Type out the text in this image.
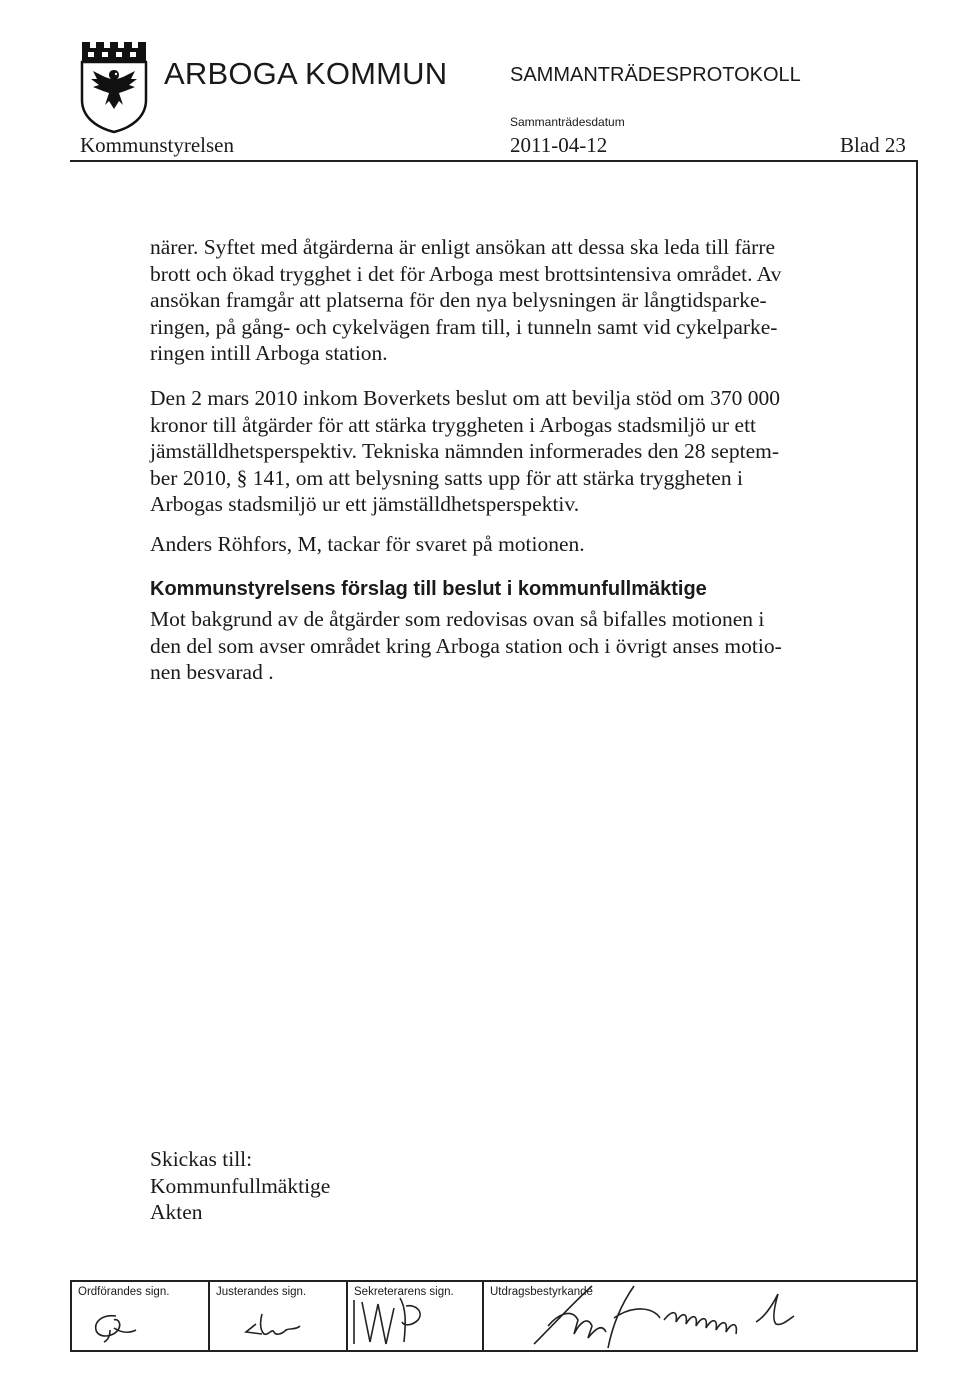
ARBOGA KOMMUN	SAMMANTRÄDESPROTOKOLL
Sammanträdesdatum
Kommunstyrelsen	2011-04-12	Blad 23
närer. Syftet med åtgärderna är enligt ansökan att dessa ska leda till färre
brott och ökad trygghet i det för Arboga mest brottsintensiva området. Av
ansökan framgår att platserna för den nya belysningen är långtidsparke-
ringen, på gång- och cykelvägen fram till, i tunneln samt vid cykelparke-
ringen intill Arboga station.
Den 2 mars 2010 inkom Boverkets beslut om att bevilja stöd om 370 000
kronor till åtgärder för att stärka tryggheten i Arbogas stadsmiljö ur ett
jämställdhetsperspektiv. Tekniska nämnden informerades den 28 septem-
ber 2010, § 141, om att belysning satts upp för att stärka tryggheten i
Arbogas stadsmiljö ur ett jämställdhetsperspektiv.
Anders Röhfors, M, tackar för svaret på motionen.
Kommunstyrelsens förslag till beslut i kommunfullmäktige
Mot bakgrund av de åtgärder som redovisas ovan så bifalles motionen i
den del som avser området kring Arboga station och i övrigt anses motio-
nen besvarad .
Skickas till:
Kommunfullmäktige
Akten
Ordförandes sign.	Justerandes sign.	Sekreterarens sign.	Utdragsbestyrkande
